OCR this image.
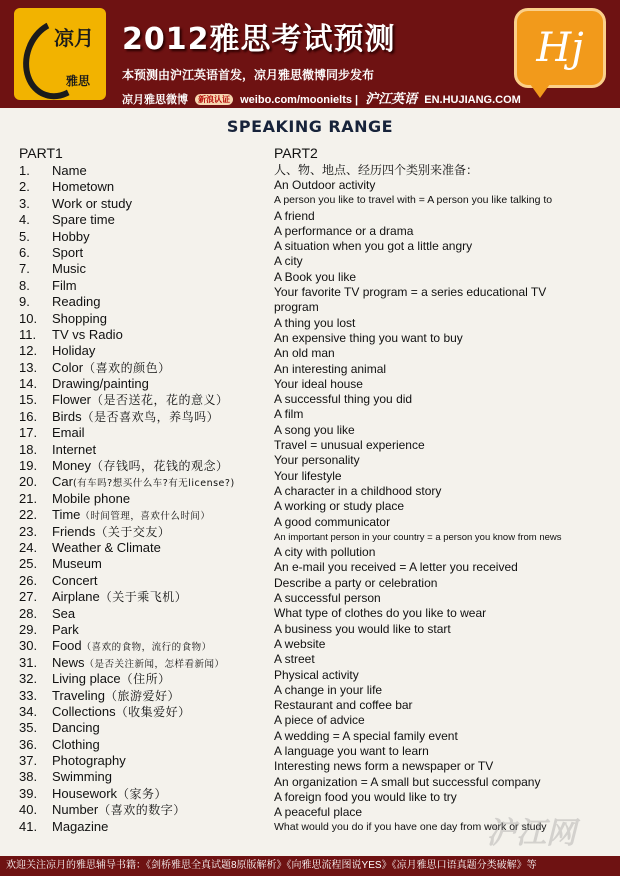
凉月
雅思
2012雅思考试预测
本预测由沪江英语首发，凉月雅思微博同步发布
凉月雅思微博 新浪认证 weibo.com/moonielts | 沪江英语 EN.HUJIANG.COM
Hj
SPEAKING RANGE
PART1
1. Name
2. Hometown
3. Work or study
4. Spare time
5. Hobby
6. Sport
7. Music
8. Film
9. Reading
10. Shopping
11. TV vs Radio
12. Holiday
13. Color（喜欢的颜色）
14. Drawing/painting
15. Flower（是否送花，花的意义）
16. Birds（是否喜欢鸟，养鸟吗）
17. Email
18. Internet
19. Money（存钱吗，花钱的观念）
20. Car(有车吗?想买什么车?有无license?)
21. Mobile phone
22. Time（时间管理，喜欢什么时间）
23. Friends（关于交友）
24. Weather & Climate
25. Museum
26. Concert
27. Airplane（关于乘飞机）
28. Sea
29. Park
30. Food（喜欢的食物，流行的食物）
31. News（是否关注新闻，怎样看新闻）
32. Living place（住所）
33. Traveling（旅游爱好）
34. Collections（收集爱好）
35. Dancing
36. Clothing
37. Photography
38. Swimming
39. Housework（家务）
40. Number（喜欢的数字）
41. Magazine
PART2
人、物、地点、经历四个类别来准备：
An Outdoor activity
A person you like to travel with = A person you like talking to
A friend
A performance or a drama
A situation when you got a little angry
A city
A Book you like
Your favorite TV program = a series educational TV
program
A thing you lost
An expensive thing you want to buy
An old man
An interesting animal
Your ideal house
A successful thing you did
A film
A song you like
Travel = unusual experience
Your personality
Your lifestyle
A character in a childhood story
A working or study place
A good communicator
An important person in your country = a person you know from news
A city with pollution
An e-mail you received = A letter you received
Describe a party or celebration
A successful person
What type of clothes do you like to wear
A business you would like to start
A website
A street
Physical activity
A change in your life
Restaurant and coffee bar
A piece of advice
A wedding = A special family event
A language you want to learn
Interesting news form a newspaper or TV
An organization = A small but successful company
A foreign food you would like to try
A peaceful place
What would you do if you have one day from work or study
沪江网
欢迎关注凉月的雅思辅导书籍：《剑桥雅思全真试题8原版解析》《向雅思流程图说YES》《凉月雅思口语真题分类破解》等
